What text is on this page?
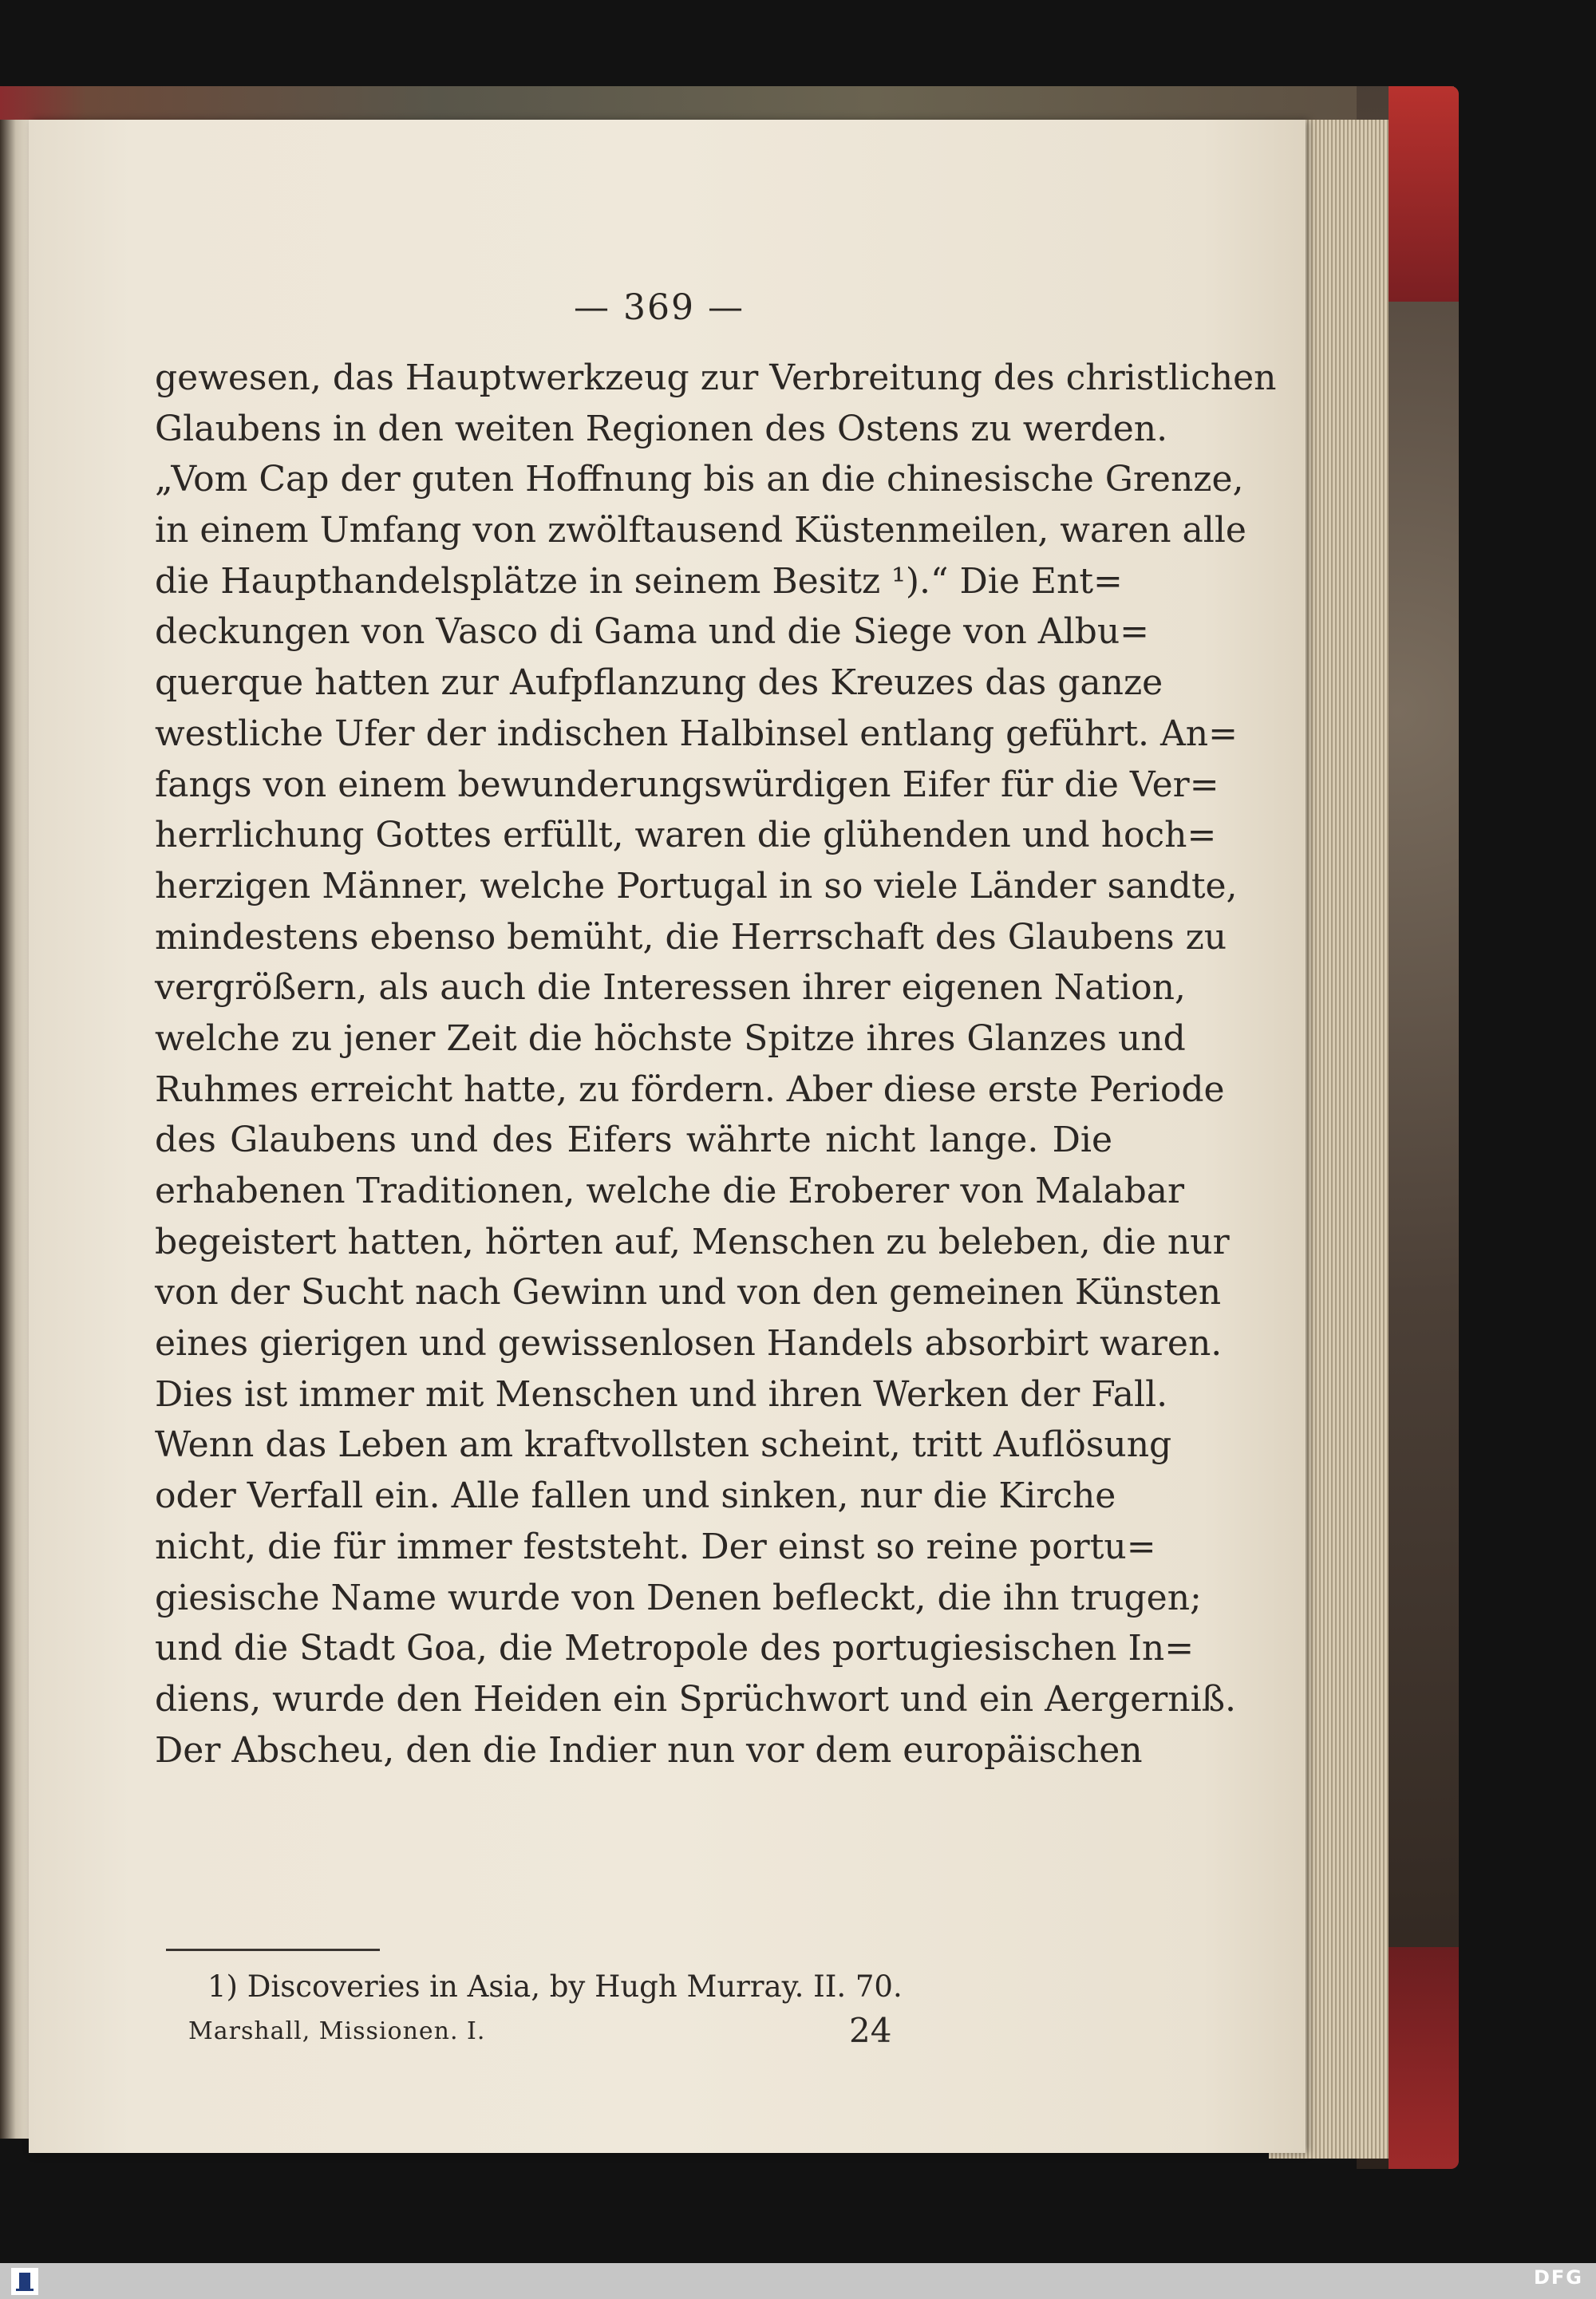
— 369 —
gewesen, das Hauptwerkzeug zur Verbreitung des christlichen
Glaubens in den weiten Regionen des Ostens zu werden.
„Vom Cap der guten Hoffnung bis an die chinesische Grenze,
in einem Umfang von zwölftausend Küstenmeilen, waren alle
die Haupthandelsplätze in seinem Besitz ¹).“ Die Ent=
deckungen von Vasco di Gama und die Siege von Albu=
querque hatten zur Aufpflanzung des Kreuzes das ganze
westliche Ufer der indischen Halbinsel entlang geführt. An=
fangs von einem bewunderungswürdigen Eifer für die Ver=
herrlichung Gottes erfüllt, waren die glühenden und hoch=
herzigen Männer, welche Portugal in so viele Länder sandte,
mindestens ebenso bemüht, die Herrschaft des Glaubens zu
vergrößern, als auch die Interessen ihrer eigenen Nation,
welche zu jener Zeit die höchste Spitze ihres Glanzes und
Ruhmes erreicht hatte, zu fördern. Aber diese erste Periode
des Glaubens und des Eifers währte nicht lange. Die
erhabenen Traditionen, welche die Eroberer von Malabar
begeistert hatten, hörten auf, Menschen zu beleben, die nur
von der Sucht nach Gewinn und von den gemeinen Künsten
eines gierigen und gewissenlosen Handels absorbirt waren.
Dies ist immer mit Menschen und ihren Werken der Fall.
Wenn das Leben am kraftvollsten scheint, tritt Auflösung
oder Verfall ein. Alle fallen und sinken, nur die Kirche
nicht, die für immer feststeht. Der einst so reine portu=
giesische Name wurde von Denen befleckt, die ihn trugen;
und die Stadt Goa, die Metropole des portugiesischen In=
diens, wurde den Heiden ein Sprüchwort und ein Aergerniß.
Der Abscheu, den die Indier nun vor dem europäischen
1) Discoveries in Asia, by Hugh Murray. II. 70.
Marshall, Missionen. I.	24
DFG
